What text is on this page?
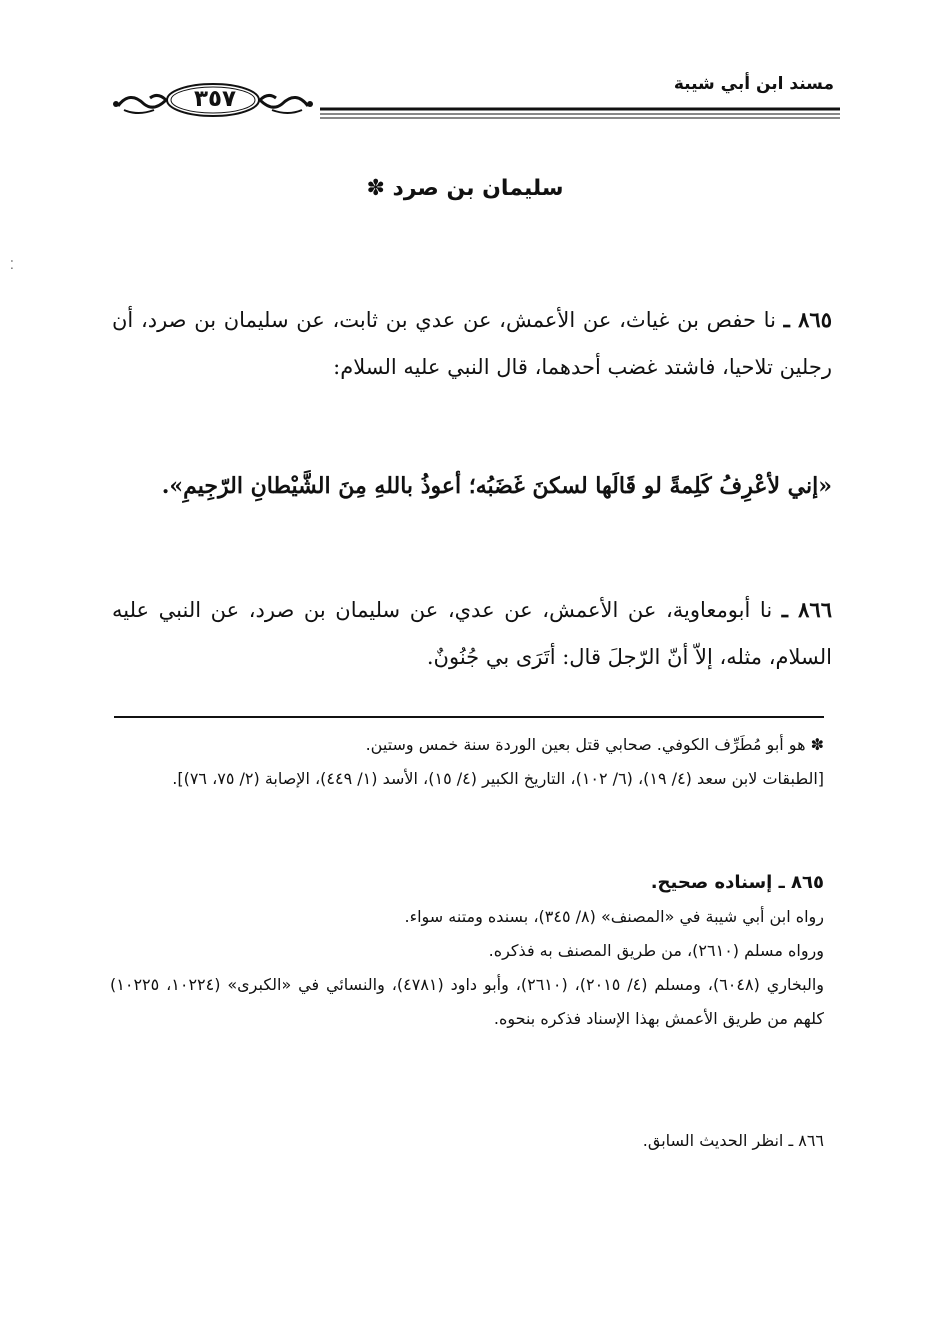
مسند ابن أبي شيبة
٣٥٧
سليمان بن صرد ✽
⁚
٨٦٥ ـ نا حفص بن غياث، عن الأعمش، عن عدي بن ثابت، عن سليمان بن صرد، أن رجلين تلاحيا، فاشتد غضب أحدهما، قال النبي عليه السلام:
«إني لأعْرِفُ كَلِمةً لو قَالَها لسكنَ غَضَبُه؛ أعوذُ باللهِ مِنَ الشَّيْطانِ الرّجِيمِ».
٨٦٦ ـ نا أبومعاوية، عن الأعمش، عن عدي، عن سليمان بن صرد، عن النبي عليه السلام، مثله، إلاّ أنّ الرّجلَ قال: أتَرَى بي جُنُونٌ.
✽ هو أبو مُطَرِّف الكوفي. صحابي قتل بعين الوردة سنة خمس وستين.
[الطبقات لابن سعد (٤/ ١٩)، (٦/ ١٠٢)، التاريخ الكبير (٤/ ١٥)، الأسد (١/ ٤٤٩)، الإصابة (٢/ ٧٥، ٧٦)].
٨٦٥ ـ إسناده صحيح.
رواه ابن أبي شيبة في «المصنف» (٨/ ٣٤٥)، بسنده ومتنه سواء.
ورواه مسلم (٢٦١٠)، من طريق المصنف به فذكره.
والبخاري (٦٠٤٨)، ومسلم (٤/ ٢٠١٥)، (٢٦١٠)، وأبو داود (٤٧٨١)، والنسائي في «الكبرى» (١٠٢٢٤، ١٠٢٢٥) كلهم من طريق الأعمش بهذا الإسناد فذكره بنحوه.
٨٦٦ ـ انظر الحديث السابق.
